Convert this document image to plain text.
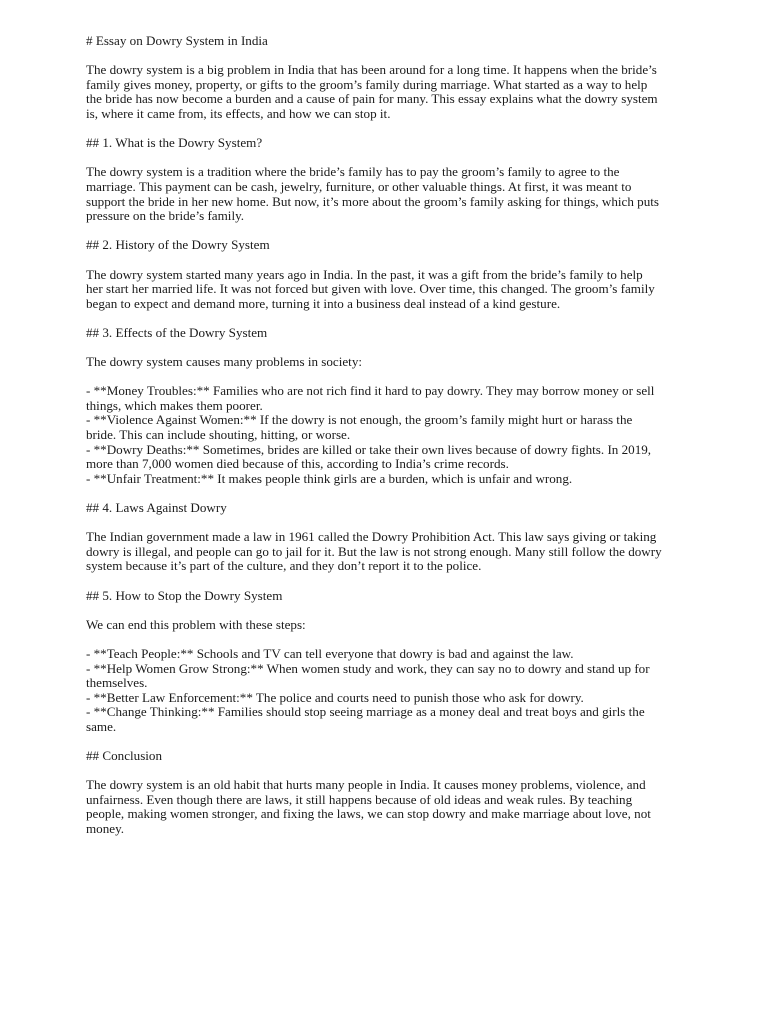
# Essay on Dowry System in India
The dowry system is a big problem in India that has been around for a long time. It happens when the bride’s
family gives money, property, or gifts to the groom’s family during marriage. What started as a way to help
the bride has now become a burden and a cause of pain for many. This essay explains what the dowry system
is, where it came from, its effects, and how we can stop it.
## 1. What is the Dowry System?
The dowry system is a tradition where the bride’s family has to pay the groom’s family to agree to the
marriage. This payment can be cash, jewelry, furniture, or other valuable things. At first, it was meant to
support the bride in her new home. But now, it’s more about the groom’s family asking for things, which puts
pressure on the bride’s family.
## 2. History of the Dowry System
The dowry system started many years ago in India. In the past, it was a gift from the bride’s family to help
her start her married life. It was not forced but given with love. Over time, this changed. The groom’s family
began to expect and demand more, turning it into a business deal instead of a kind gesture.
## 3. Effects of the Dowry System
The dowry system causes many problems in society:
- **Money Troubles:** Families who are not rich find it hard to pay dowry. They may borrow money or sell
things, which makes them poorer.
- **Violence Against Women:** If the dowry is not enough, the groom’s family might hurt or harass the
bride. This can include shouting, hitting, or worse.
- **Dowry Deaths:** Sometimes, brides are killed or take their own lives because of dowry fights. In 2019,
more than 7,000 women died because of this, according to India’s crime records.
- **Unfair Treatment:** It makes people think girls are a burden, which is unfair and wrong.
## 4. Laws Against Dowry
The Indian government made a law in 1961 called the Dowry Prohibition Act. This law says giving or taking
dowry is illegal, and people can go to jail for it. But the law is not strong enough. Many still follow the dowry
system because it’s part of the culture, and they don’t report it to the police.
## 5. How to Stop the Dowry System
We can end this problem with these steps:
- **Teach People:** Schools and TV can tell everyone that dowry is bad and against the law.
- **Help Women Grow Strong:** When women study and work, they can say no to dowry and stand up for
themselves.
- **Better Law Enforcement:** The police and courts need to punish those who ask for dowry.
- **Change Thinking:** Families should stop seeing marriage as a money deal and treat boys and girls the
same.
## Conclusion
The dowry system is an old habit that hurts many people in India. It causes money problems, violence, and
unfairness. Even though there are laws, it still happens because of old ideas and weak rules. By teaching
people, making women stronger, and fixing the laws, we can stop dowry and make marriage about love, not
money.
